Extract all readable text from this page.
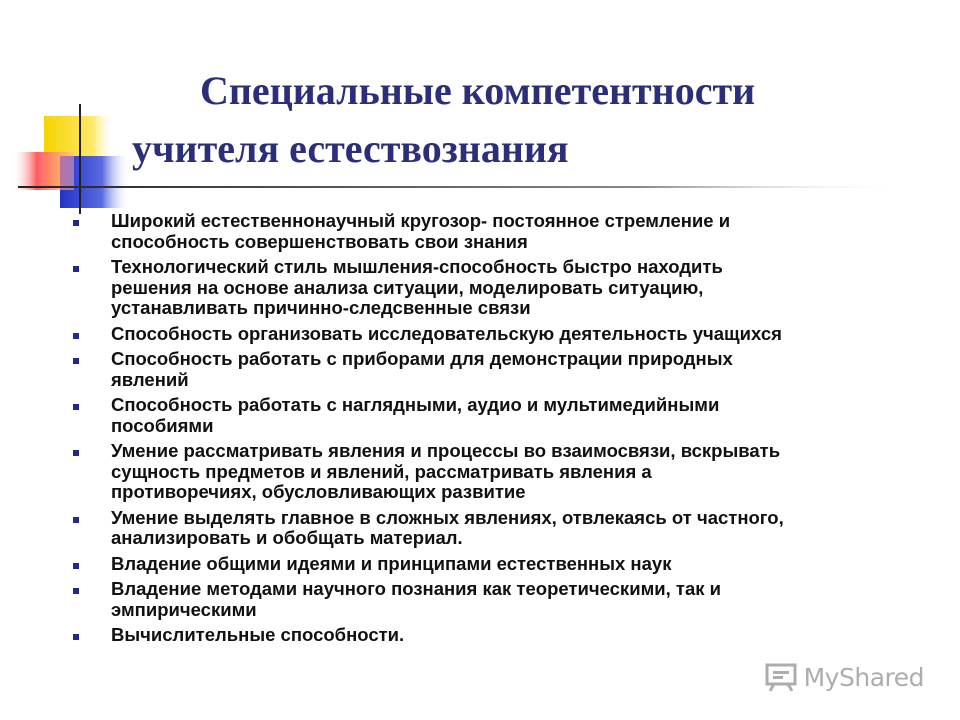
Специальные компетентности
учителя естествознания
Широкий естественнонаучный кругозор- постоянное стремление и
способность совершенствовать свои знания
Технологический стиль мышления-способность быстро находить
решения на основе анализа ситуации, моделировать ситуацию,
устанавливать причинно-следсвенные связи
Способность организовать исследовательскую деятельность учащихся
Способность работать с приборами для демонстрации природных
явлений
Способность работать с наглядными, аудио и мультимедийными
пособиями
Умение рассматривать явления и процессы во взаимосвязи, вскрывать
сущность предметов и явлений, рассматривать явления а
противоречиях, обусловливающих развитие
Умение выделять главное в сложных явлениях, отвлекаясь от частного,
анализировать и обобщать материал.
Владение общими идеями и принципами естественных наук
Владение методами научного познания как теоретическими, так и
эмпирическими
Вычислительные способности.
MyShared
